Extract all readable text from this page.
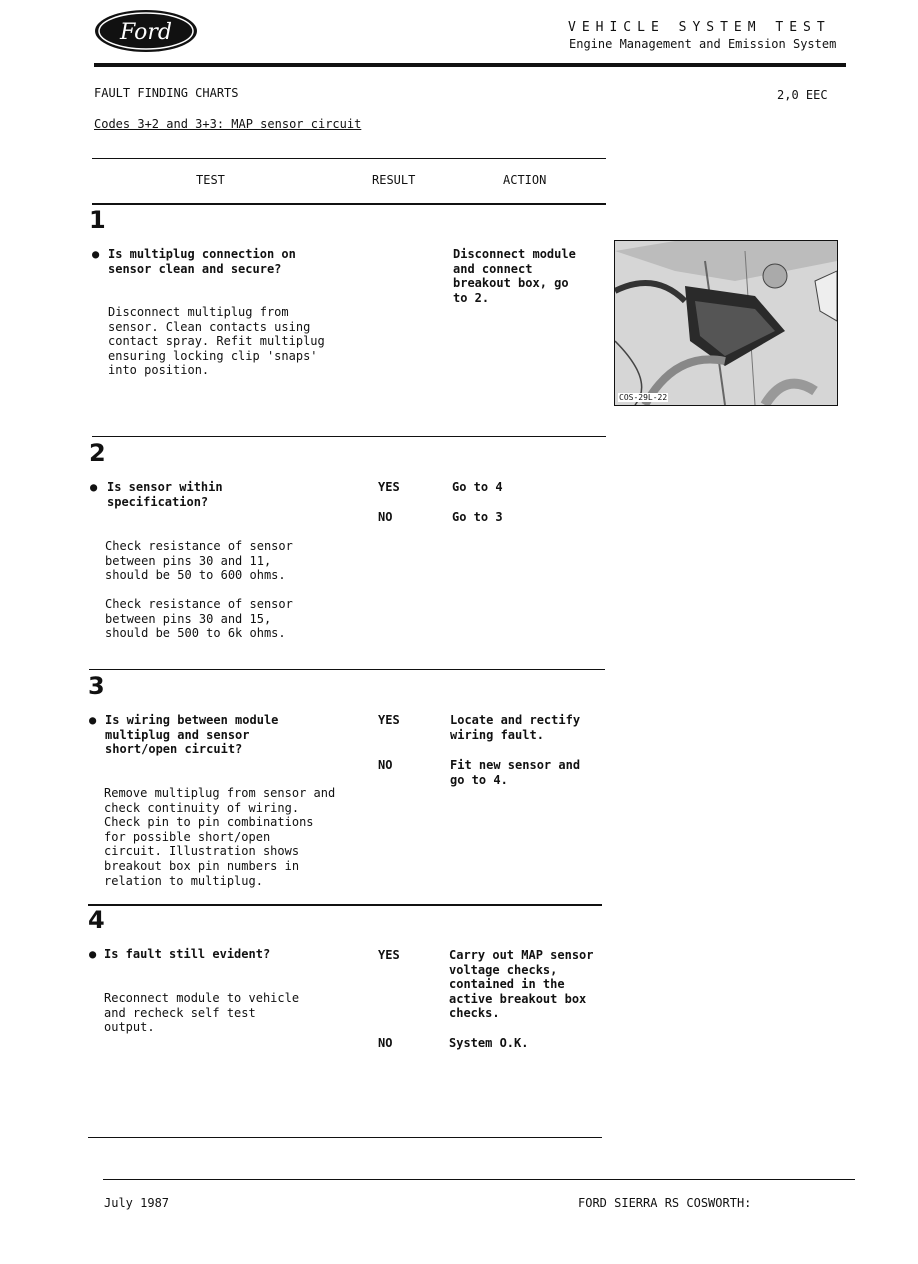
Ford	VEHICLE SYSTEM TEST
Engine Management and Emission System
FAULT FINDING CHARTS	2,0 EEC
Codes 3+2 and 3+3: MAP sensor circuit
TEST	RESULT	ACTION
1
● Is multiplug connection on
sensor clean and secure?
Disconnect multiplug from
sensor. Clean contacts using
contact spray. Refit multiplug
ensuring locking clip 'snaps'
into position.
Disconnect module
and connect
breakout box, go
to 2.
COS-29L-22
2
● Is sensor within
specification?
YES	Go to 4
NO	Go to 3
Check resistance of sensor
between pins 30 and 11,
should be 50 to 600 ohms.
Check resistance of sensor
between pins 30 and 15,
should be 500 to 6k ohms.
3
● Is wiring between module
multiplug and sensor
short/open circuit?
YES	Locate and rectify
wiring fault.
NO	Fit new sensor and
go to 4.
Remove multiplug from sensor and
check continuity of wiring.
Check pin to pin combinations
for possible short/open
circuit. Illustration shows
breakout box pin numbers in
relation to multiplug.
4
● Is fault still evident?	YES	Carry out MAP sensor
voltage checks,
contained in the
active breakout box
checks.
Reconnect module to vehicle
and recheck self test
output.
NO	System O.K.
July 1987	FORD SIERRA RS COSWORTH:
